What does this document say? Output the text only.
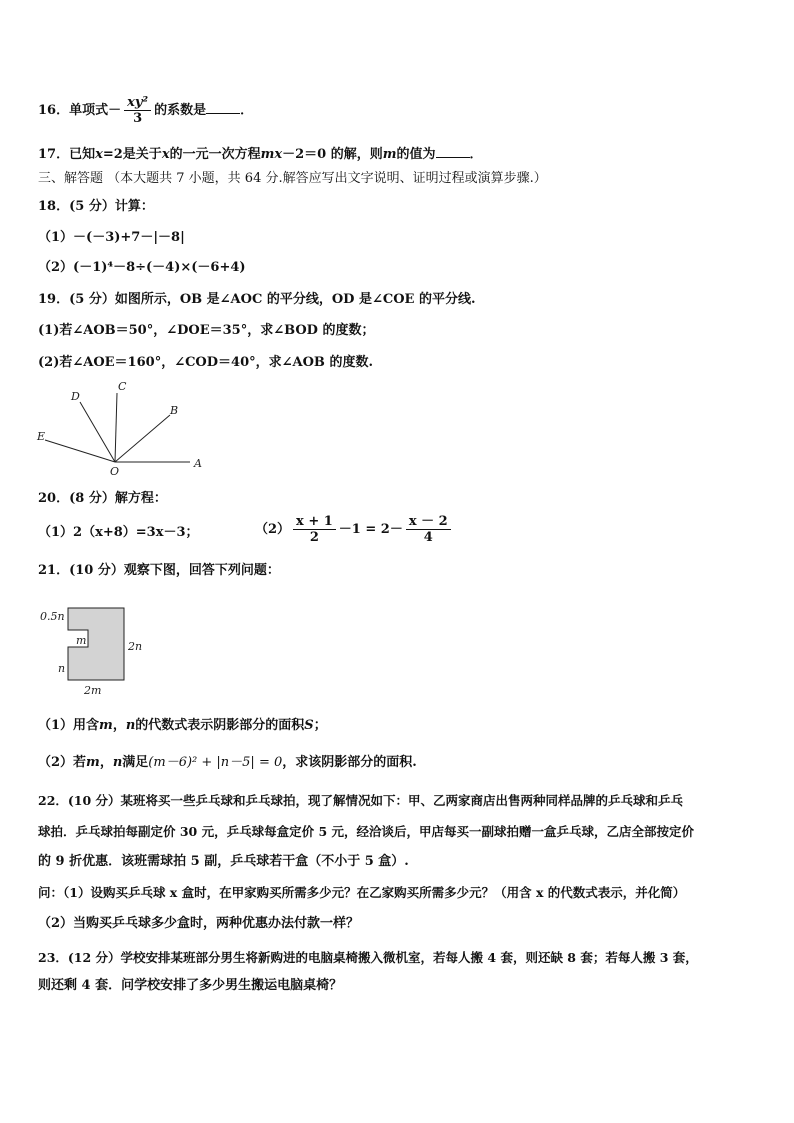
16．单项式－ $\frac{\text{xy²}}{3}$ 的系数是	．
17．已知x=2是关于x的一元一次方程mx－2＝0 的解，则m的值为	．
三、解答题 （本大题共 7 小题，共 64 分.解答应写出文字说明、证明过程或演算步骤.）
18．(5 分）计算：
（1）－(－3)+7－|－8|
（2）(－1)⁴－8÷(－4)×(－6+4)
19．(5 分）如图所示，OB 是∠AOC 的平分线，OD 是∠COE 的平分线.
(1)若∠AOB＝50°，∠DOE＝35°，求∠BOD 的度数；
(2)若∠AOE＝160°，∠COD＝40°，求∠AOB 的度数.
C
D
B
E
O
A
20．(8 分）解方程：
（1）2（x+8）=3x－3；	$(2) \frac{x + 1}{2} -1 = 2- \frac{x - 2}{4}$
21．(10 分）观察下图，回答下列问题：
0.5n
m	2n
n
2m
（1）用含m，n的代数式表示阴影部分的面积S；
（2）若m，n满足(m－6)² + |n－5| = 0，求该阴影部分的面积.
22．(10 分）某班将买一些乒乓球和乒乓球拍，现了解情况如下：甲、乙两家商店出售两种同样品牌的乒乓球和乒乓
球拍．乒乓球拍每副定价 30 元，乒乓球每盒定价 5 元，经洽谈后，甲店每买一副球拍赠一盒乒乓球，乙店全部按定价
的 9 折优惠．该班需球拍 5 副，乒乓球若干盒（不小于 5 盒）.
问：（1）设购买乒乓球 x 盒时，在甲家购买所需多少元？在乙家购买所需多少元？（用含 x 的代数式表示，并化简）
（2）当购买乒乓球多少盒时，两种优惠办法付款一样？
23．(12 分）学校安排某班部分男生将新购进的电脑桌椅搬入微机室，若每人搬 4 套，则还缺 8 套；若每人搬 3 套，
则还剩 4 套．问学校安排了多少男生搬运电脑桌椅？
